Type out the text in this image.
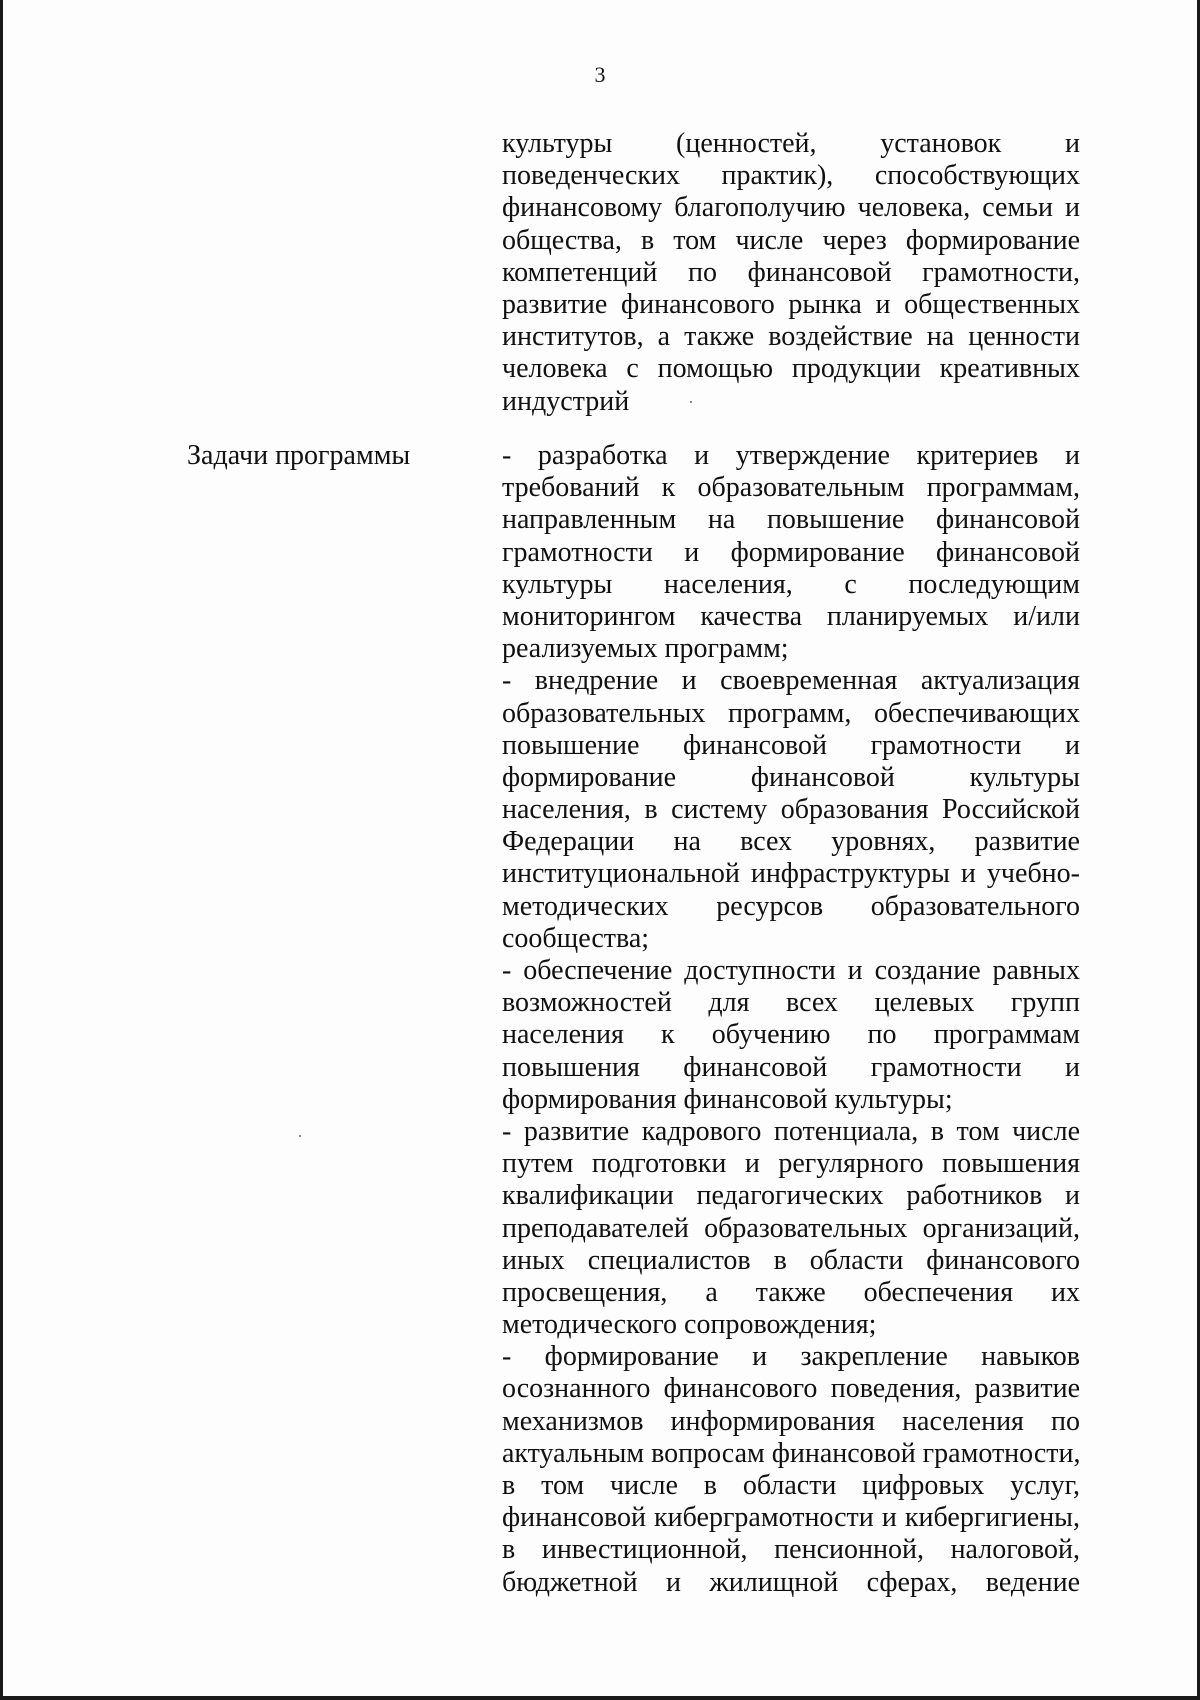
3
культуры (ценностей, установок и
поведенческих практик), способствующих
финансовому благополучию человека, семьи и
общества, в том числе через формирование
компетенций по финансовой грамотности,
развитие финансового рынка и общественных
институтов, а также воздействие на ценности
человека с помощью продукции креативных
индустрий
Задачи программы	- разработка и утверждение критериев и
требований к образовательным программам,
направленным на повышение финансовой
грамотности и формирование финансовой
культуры населения, с последующим
мониторингом качества планируемых и/или
реализуемых программ;
- внедрение и своевременная актуализация
образовательных программ, обеспечивающих
повышение финансовой грамотности и
формирование финансовой культуры
населения, в систему образования Российской
Федерации на всех уровнях, развитие
институциональной инфраструктуры и учебно-
методических ресурсов образовательного
сообщества;
- обеспечение доступности и создание равных
возможностей для всех целевых групп
населения к обучению по программам
повышения финансовой грамотности и
формирования финансовой культуры;
- развитие кадрового потенциала, в том числе
путем подготовки и регулярного повышения
квалификации педагогических работников и
преподавателей образовательных организаций,
иных специалистов в области финансового
просвещения, а также обеспечения их
методического сопровождения;
- формирование и закрепление навыков
осознанного финансового поведения, развитие
механизмов информирования населения по
актуальным вопросам финансовой грамотности,
в том числе в области цифровых услуг,
финансовой киберграмотности и кибергигиены,
в инвестиционной, пенсионной, налоговой,
бюджетной и жилищной сферах, ведение
